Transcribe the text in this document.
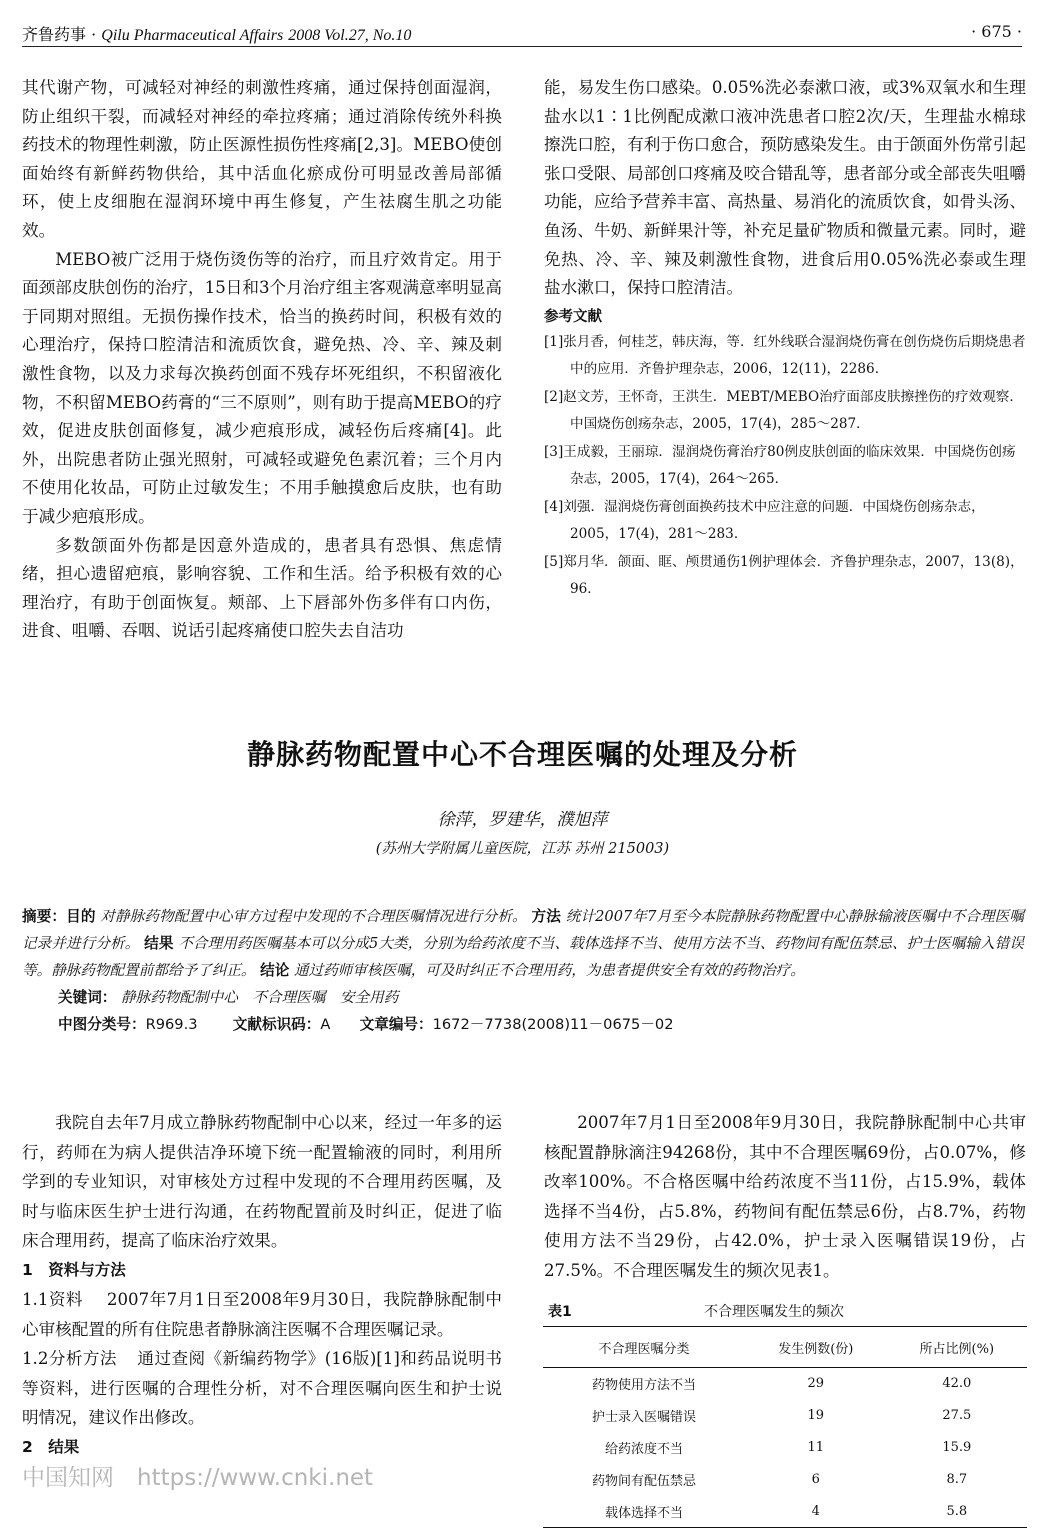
齐鲁药事 · Qilu Pharmaceutical Affairs 2008 Vol.27, No.10	· 675 ·

其代谢产物，可减轻对神经的刺激性疼痛，通过保持创面湿润，防止组织干裂，而减轻对神经的牵拉疼痛；通过消除传统外科换药技术的物理性刺激，防止医源性损伤性疼痛[2,3]。MEBO使创面始终有新鲜药物供给，其中活血化瘀成份可明显改善局部循环，使上皮细胞在湿润环境中再生修复，产生祛腐生肌之功能效。

MEBO被广泛用于烧伤烫伤等的治疗，而且疗效肯定。用于面颈部皮肤创伤的治疗，15日和3个月治疗组主客观满意率明显高于同期对照组。无损伤操作技术，恰当的换药时间，积极有效的心理治疗，保持口腔清洁和流质饮食，避免热、冷、辛、辣及刺激性食物，以及力求每次换药创面不残存坏死组织，不积留液化物，不积留MEBO药膏的“三不原则”，则有助于提高MEBO的疗效，促进皮肤创面修复，减少疤痕形成，减轻伤后疼痛[4]。此外，出院患者防止强光照射，可减轻或避免色素沉着；三个月内不使用化妆品，可防止过敏发生；不用手触摸愈后皮肤，也有助于减少疤痕形成。

多数颌面外伤都是因意外造成的，患者具有恐惧、焦虑情绪，担心遗留疤痕，影响容貌、工作和生活。给予积极有效的心理治疗，有助于创面恢复。颊部、上下唇部外伤多伴有口内伤，进食、咀嚼、吞咽、说话引起疼痛使口腔失去自洁功

能，易发生伤口感染。0.05%洗必泰漱口液，或3%双氧水和生理盐水以1∶1比例配成漱口液冲洗患者口腔2次/天，生理盐水棉球擦洗口腔，有利于伤口愈合，预防感染发生。由于颌面外伤常引起张口受限、局部创口疼痛及咬合错乱等，患者部分或全部丧失咀嚼功能，应给予营养丰富、高热量、易消化的流质饮食，如骨头汤、鱼汤、牛奶、新鲜果汁等，补充足量矿物质和微量元素。同时，避免热、冷、辛、辣及刺激性食物，进食后用0.05%洗必泰或生理盐水漱口，保持口腔清洁。

参考文献
[1]张月香，何桂芝，韩庆海，等．红外线联合湿润烧伤膏在创伤烧伤后期烧患者中的应用．齐鲁护理杂志，2006，12(11)，2286．
[2]赵文芳，王怀奇，王洪生．MEBT/MEBO治疗面部皮肤擦挫伤的疗效观察．中国烧伤创疡杂志，2005，17(4)，285～287．
[3]王成毅，王丽琼．湿润烧伤膏治疗80例皮肤创面的临床效果．中国烧伤创疡杂志，2005，17(4)，264～265．
[4]刘强．湿润烧伤膏创面换药技术中应注意的问题．中国烧伤创疡杂志，2005，17(4)，281～283．
[5]郑月华．颌面、眶、颅贯通伤1例护理体会．齐鲁护理杂志，2007，13(8)，96．
静脉药物配置中心不合理医嘱的处理及分析
徐萍，罗建华，濮旭萍
(苏州大学附属儿童医院，江苏 苏州 215003)

摘要：目的 对静脉药物配置中心审方过程中发现的不合理医嘱情况进行分析。 方法 统计2007年7月至今本院静脉药物配置中心静脉输液医嘱中不合理医嘱记录并进行分析。 结果 不合理用药医嘱基本可以分成5大类，分别为给药浓度不当、载体选择不当、使用方法不当、药物间有配伍禁忌、护士医嘱输入错误等。静脉药物配置前都给予了纠正。 结论 通过药师审核医嘱，可及时纠正不合理用药，为患者提供安全有效的药物治疗。

关键词： 静脉药物配制中心　不合理医嘱　安全用药

中图分类号：R969.3 文献标识码：A 文章编号：1672－7738(2008)11－0675－02

我院自去年7月成立静脉药物配制中心以来，经过一年多的运行，药师在为病人提供洁净环境下统一配置输液的同时，利用所学到的专业知识，对审核处方过程中发现的不合理用药医嘱，及时与临床医生护士进行沟通，在药物配置前及时纠正，促进了临床合理用药，提高了临床治疗效果。

1　资料与方法

1.1资料 2007年7月1日至2008年9月30日，我院静脉配制中心审核配置的所有住院患者静脉滴注医嘱不合理医嘱记录。

1.2分析方法 通过查阅《新编药物学》(16版)[1]和药品说明书等资料，进行医嘱的合理性分析，对不合理医嘱向医生和护士说明情况，建议作出修改。

2　结果

2007年7月1日至2008年9月30日，我院静脉配制中心共审核配置静脉滴注94268份，其中不合理医嘱69份，占0.07%，修改率100%。不合格医嘱中给药浓度不当11份，占15.9%，载体选择不当4份，占5.8%，药物间有配伍禁忌6份，占8.7%，药物使用方法不当29份，占42.0%，护士录入医嘱错误19份，占27.5%。不合理医嘱发生的频次见表1。

表1	不合理医嘱发生的频次
不合理医嘱分类	发生例数(份)	所占比例(%)
药物使用方法不当	29	42.0
护士录入医嘱错误	19	27.5
给药浓度不当	11	15.9
药物间有配伍禁忌	6	8.7
载体选择不当	4	5.8
中国知网　https://www.cnki.net
